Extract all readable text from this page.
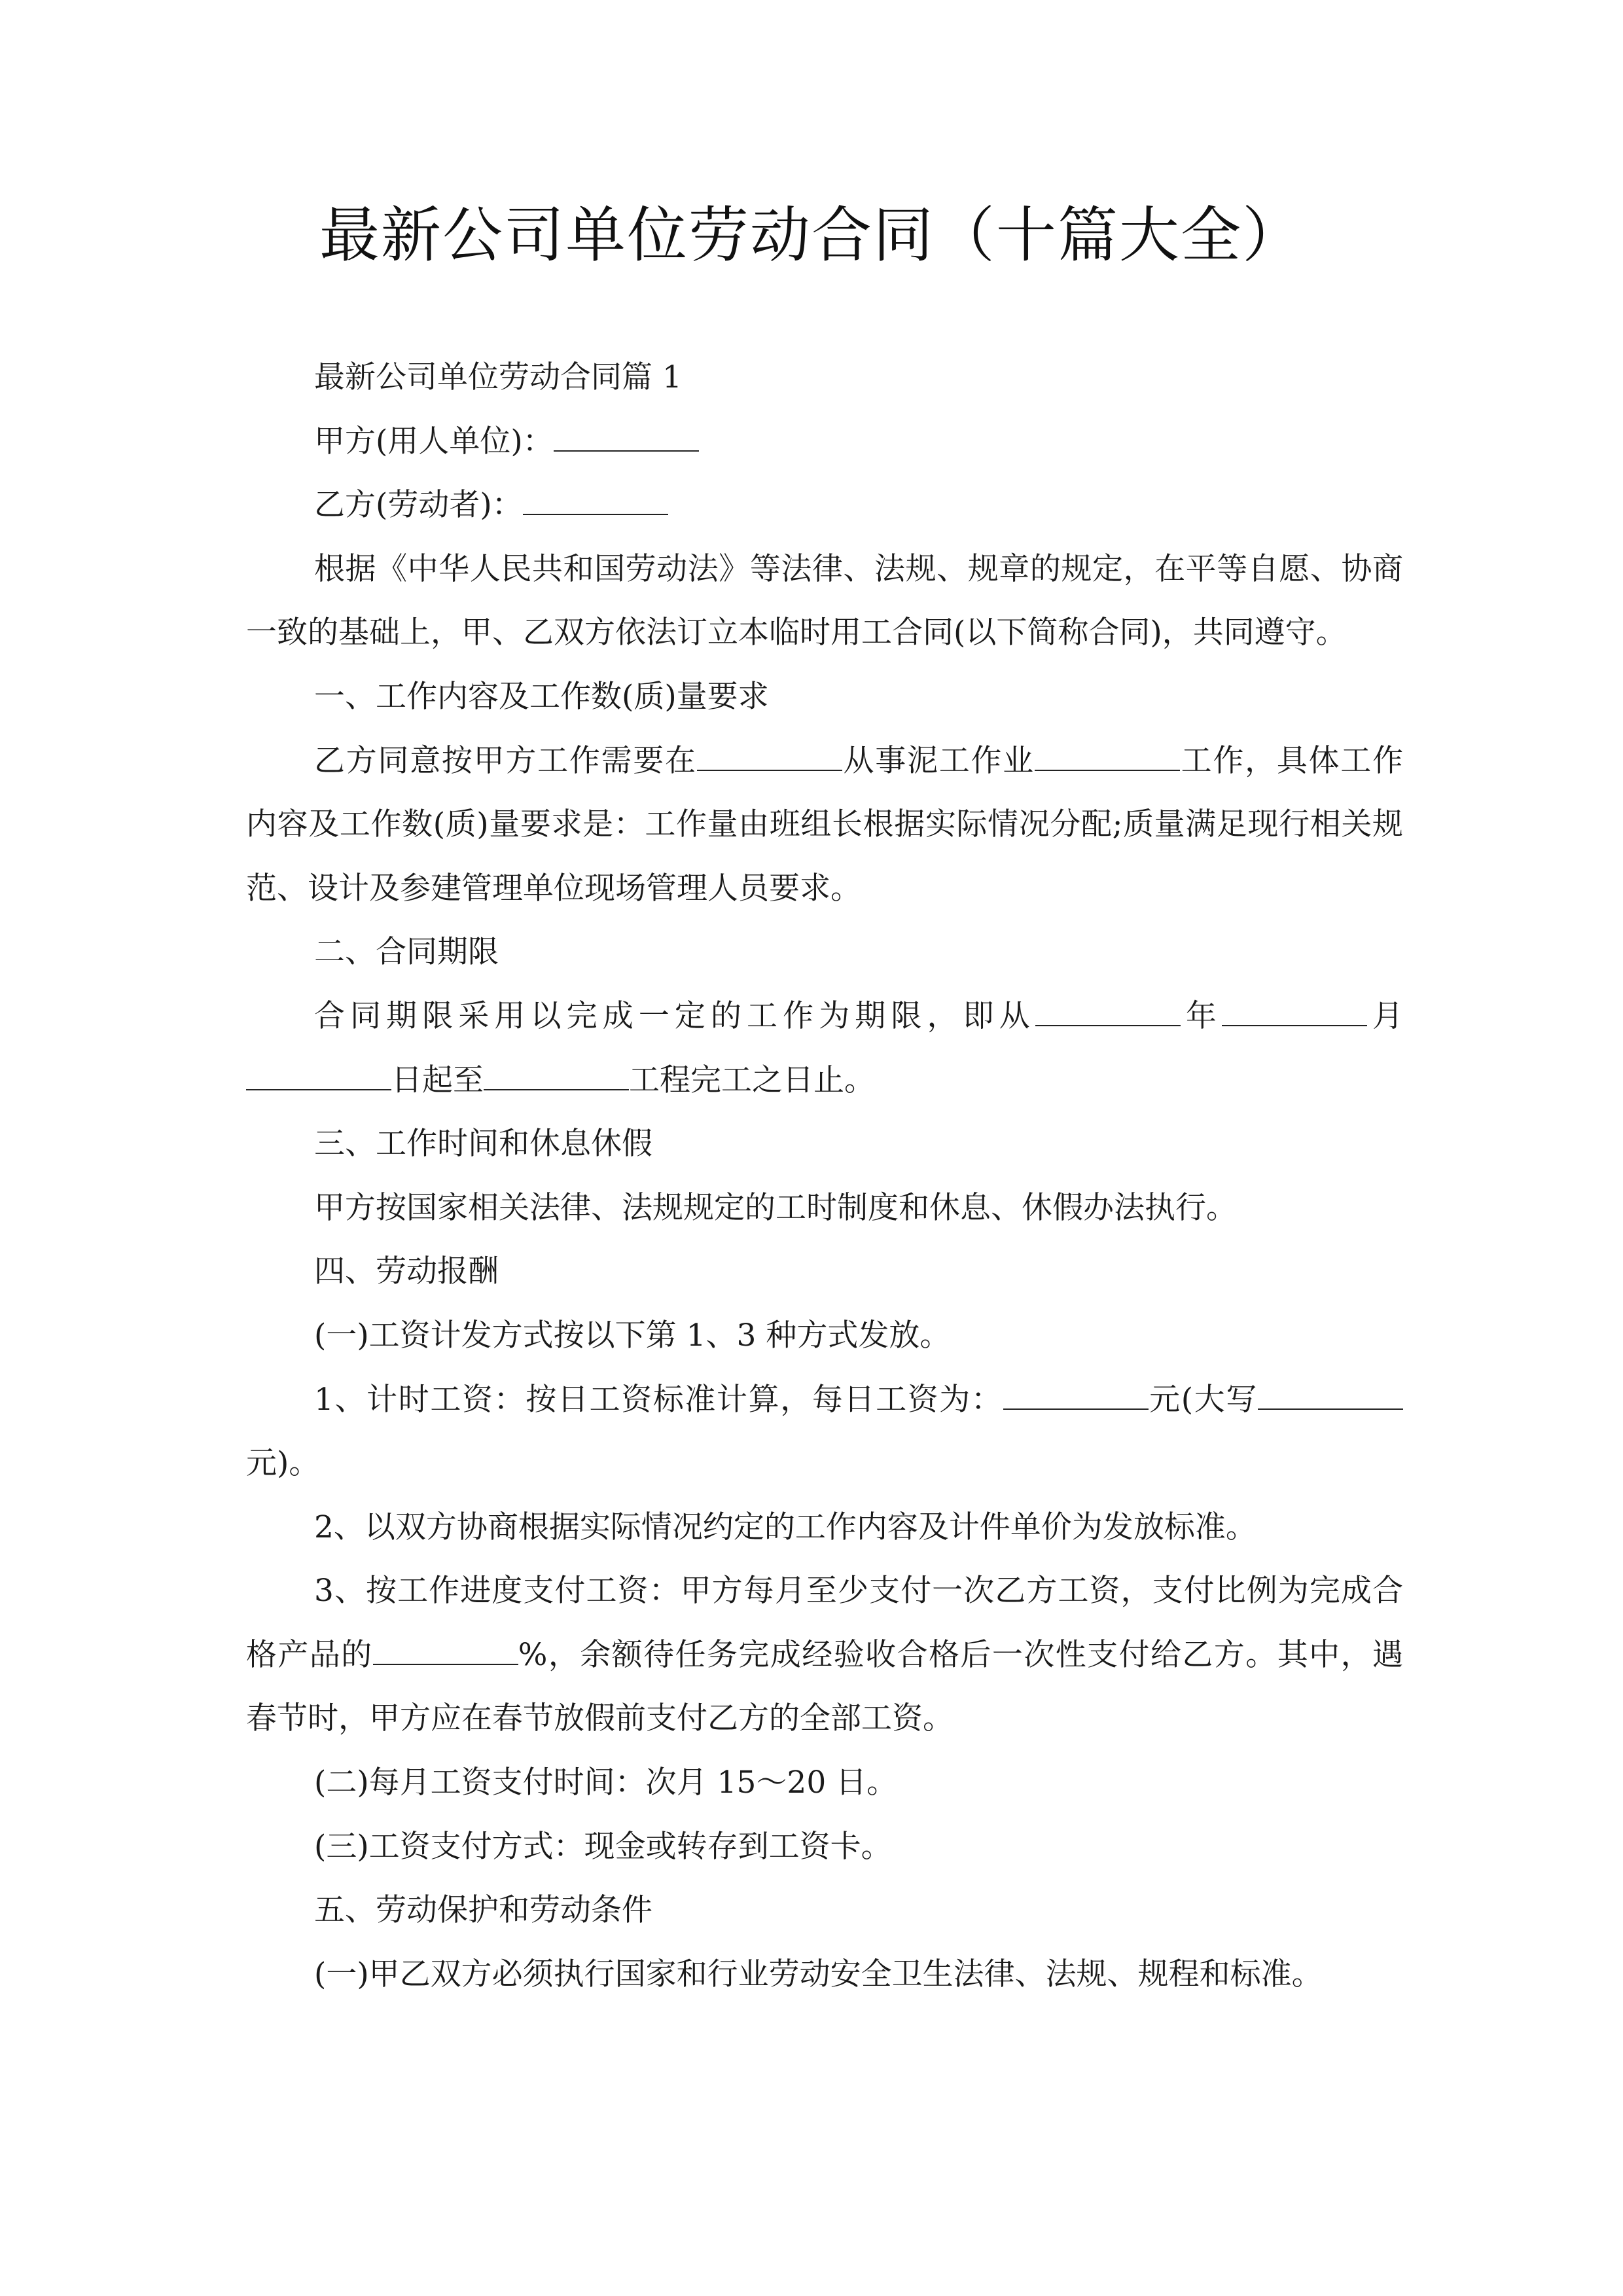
最新公司单位劳动合同（十篇大全）

最新公司单位劳动合同篇 1

甲方(用人单位)：

乙方(劳动者)：

根据《中华人民共和国劳动法》等法律、法规、规章的规定，在平等自愿、协商一致的基础上，甲、乙双方依法订立本临时用工合同(以下简称合同)，共同遵守。

一、工作内容及工作数(质)量要求

乙方同意按甲方工作需要在	从事泥工作业	工作，具体工作内容及工作数(质)量要求是：工作量由班组长根据实际情况分配;质量满足现行相关规范、设计及参建管理单位现场管理人员要求。

二、合同期限

合同期限采用以完成一定的工作为期限，即从	年	月日起至	工程完工之日止。

三、工作时间和休息休假

甲方按国家相关法律、法规规定的工时制度和休息、休假办法执行。

四、劳动报酬

(一)工资计发方式按以下第 1、3 种方式发放。

1、计时工资：按日工资标准计算，每日工资为：	元(大写元)。

2、以双方协商根据实际情况约定的工作内容及计件单价为发放标准。

3、按工作进度支付工资：甲方每月至少支付一次乙方工资，支付比例为完成合格产品的	%，余额待任务完成经验收合格后一次性支付给乙方。其中，遇春节时，甲方应在春节放假前支付乙方的全部工资。

(二)每月工资支付时间：次月 15～20 日。

(三)工资支付方式：现金或转存到工资卡。

五、劳动保护和劳动条件

(一)甲乙双方必须执行国家和行业劳动安全卫生法律、法规、规程和标准。
